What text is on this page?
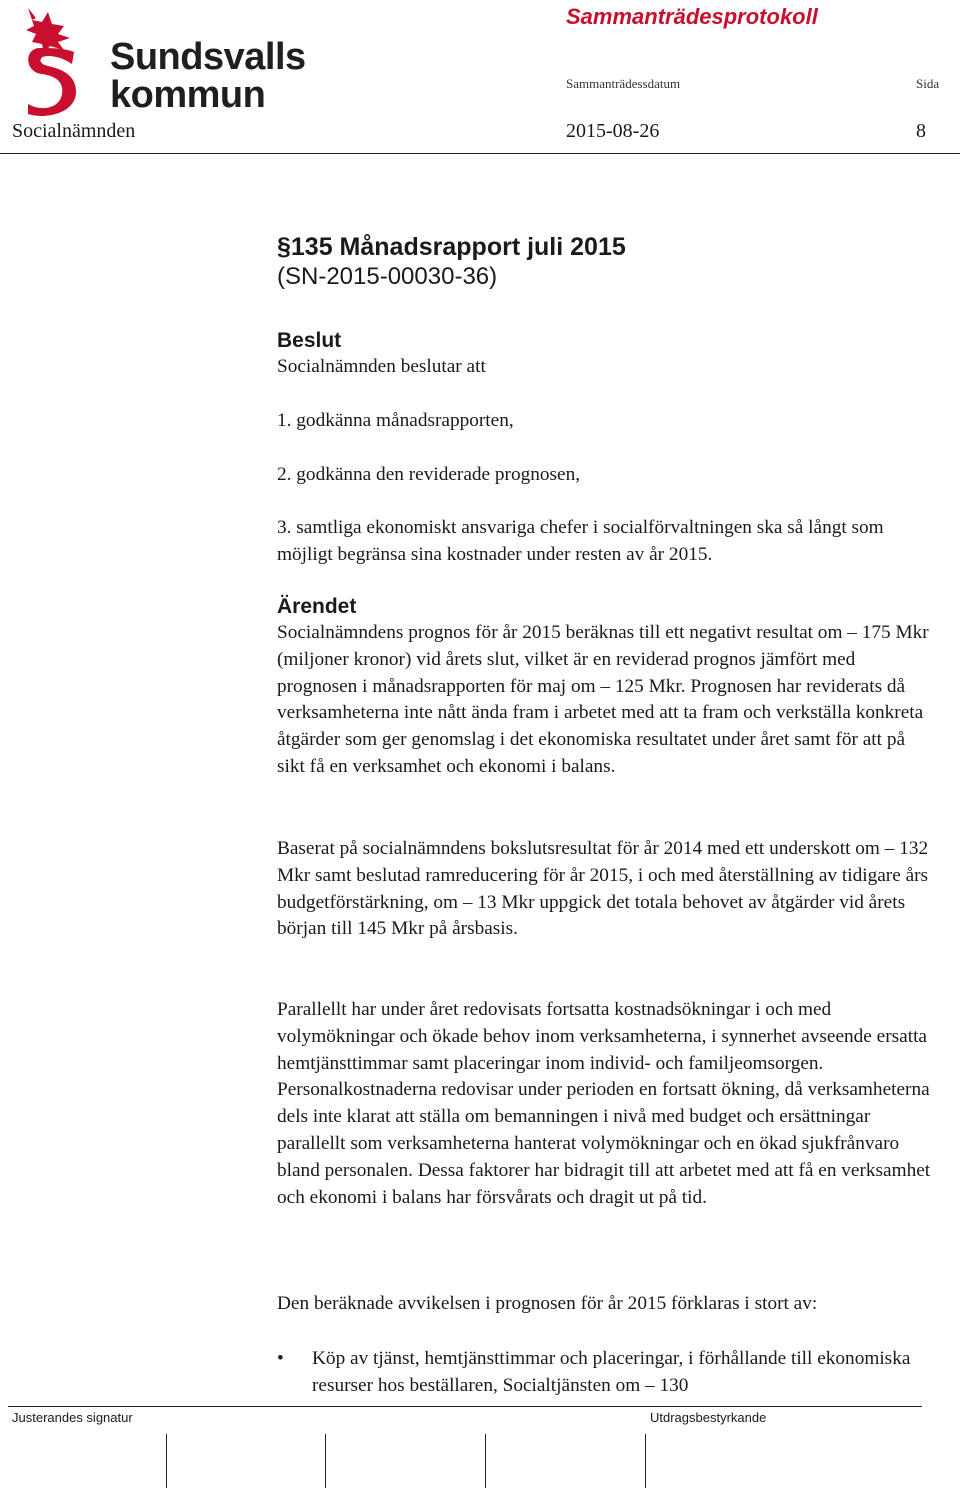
Sundsvalls
kommun
Sammanträdesprotokoll
Sammanträdessdatum	Sida
Socialnämnden	2015-08-26	8
§135 Månadsrapport juli 2015
(SN-2015-00030-36)
Beslut

Socialnämnden beslutar att

1. godkänna månadsrapporten,
2. godkänna den reviderade prognosen,
3. samtliga ekonomiskt ansvariga chefer i socialförvaltningen ska så långt som möjligt begränsa sina kostnader under resten av år 2015.
Ärendet

Socialnämndens prognos för år 2015 beräknas till ett negativt resultat om – 175 Mkr (miljoner kronor) vid årets slut, vilket är en reviderad prognos jämfört med prognosen i månadsrapporten för maj om – 125 Mkr. Prognosen har reviderats då verksamheterna inte nått ända fram i arbetet med att ta fram och verkställa konkreta åtgärder som ger genomslag i det ekonomiska resultatet under året samt för att på sikt få en verksamhet och ekonomi i balans.

Baserat på socialnämndens bokslutsresultat för år 2014 med ett underskott om – 132 Mkr samt beslutad ramreducering för år 2015, i och med återställning av tidigare års budgetförstärkning, om – 13 Mkr uppgick det totala behovet av åtgärder vid årets början till 145 Mkr på årsbasis.
Parallellt har under året redovisats fortsatta kostnadsökningar i och med volymökningar och ökade behov inom verksamheterna, i synnerhet avseende ersatta hemtjänsttimmar samt placeringar inom individ- och familjeomsorgen. Personalkostnaderna redovisar under perioden en fortsatt ökning, då verksamheterna dels inte klarat att ställa om bemanningen i nivå med budget och ersättningar parallellt som verksamheterna hanterat volymökningar och en ökad sjukfrånvaro bland personalen. Dessa faktorer har bidragit till att arbetet med att få en verksamhet och ekonomi i balans har försvårats och dragit ut på tid.
Den beräknade avvikelsen i prognosen för år 2015 förklaras i stort av:
• Köp av tjänst, hemtjänsttimmar och placeringar, i förhållande till ekonomiska resurser hos beställaren, Socialtjänsten om – 130
Justerandes signatur	Utdragsbestyrkande
